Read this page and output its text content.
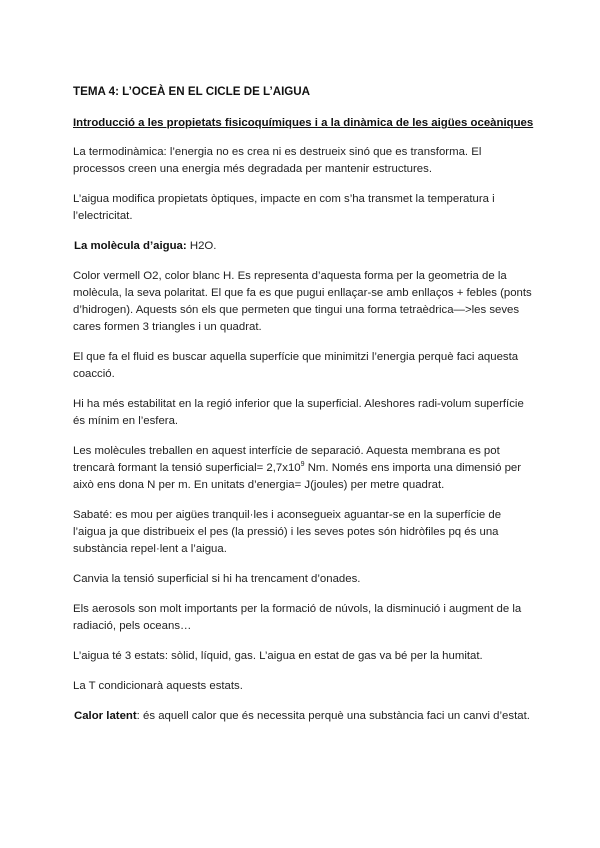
TEMA 4: L’OCEÀ EN EL CICLE DE L’AIGUA
Introducció a les propietats fisicoquímiques i a la dinàmica de les aigües oceàniques

La termodinàmica: l’energia no es crea ni es destrueix sinó que es transforma. El processos creen una energia més degradada per mantenir estructures.

L’aigua modifica propietats òptiques, impacte en com s’ha transmet la temperatura i l’electricitat.

La molècula d’aigua: H2O.

Color vermell O2, color blanc H. Es representa d’aquesta forma per la geometria de la molècula, la seva polaritat. El que fa es que pugui enllaçar-se amb enllaços + febles (ponts d’hidrogen). Aquests són els que permeten que tingui una forma tetraèdrica—>les seves cares formen 3 triangles i un quadrat.

El que fa el fluid es buscar aquella superfície que minimitzi l’energia perquè faci aquesta coacció.

Hi ha més estabilitat en la regió inferior que la superficial. Aleshores radi-volum superfície és mínim en l’esfera.

Les molècules treballen en aquest interfície de separació. Aquesta membrana es pot trencarà formant la tensió superficial= $2,7x10^9$ Nm. Només ens importa una dimensió per això ens dona N per m. En unitats d’energia= J(joules) per metre quadrat.

Sabaté: es mou per aigües tranquil·les i aconsegueix aguantar-se en la superfície de l’aigua ja que distribueix el pes (la pressió) i les seves potes són hidròfiles pq és una substància repel·lent a l’aigua.

Canvia la tensió superficial si hi ha trencament d’onades.

Els aerosols son molt importants per la formació de núvols, la disminució i augment de la radiació, pels oceans…

L’aigua té 3 estats: sòlid, líquid, gas. L’aigua en estat de gas va bé per la humitat.

La T condicionarà aquests estats.

Calor latent: és aquell calor que és necessita perquè una substància faci un canvi d’estat.
